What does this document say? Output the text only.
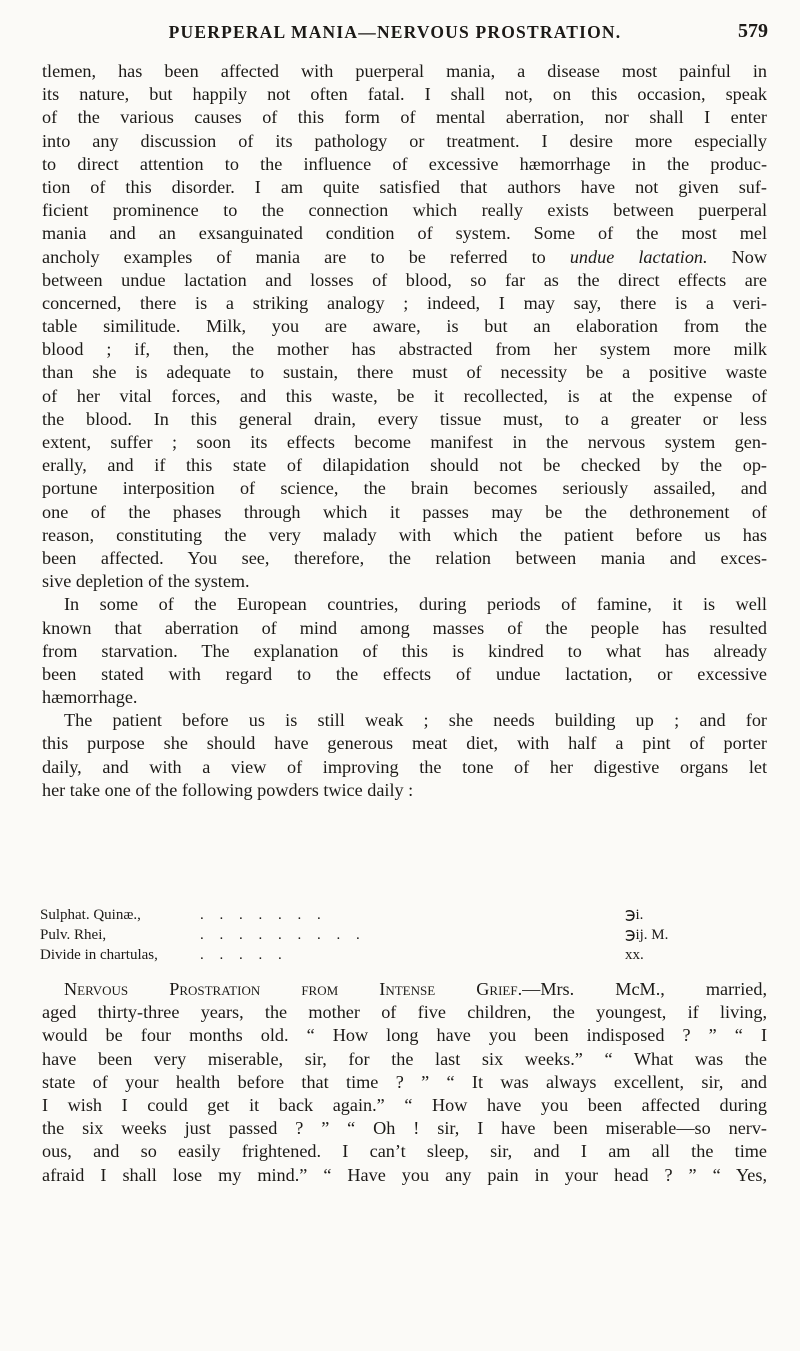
PUERPERAL MANIA—NERVOUS PROSTRATION.	579
tlemen, has been affected with puerperal mania, a disease most painful in
its nature, but happily not often fatal. I shall not, on this occasion, speak
of the various causes of this form of mental aberration, nor shall I enter
into any discussion of its pathology or treatment. I desire more especially
to direct attention to the influence of excessive hæmorrhage in the produc-
tion of this disorder. I am quite satisfied that authors have not given suf-
ficient prominence to the connection which really exists between puerperal
mania and an exsanguinated condition of system. Some of the most mel
ancholy examples of mania are to be referred to undue lactation. Now
between undue lactation and losses of blood, so far as the direct effects are
concerned, there is a striking analogy ; indeed, I may say, there is a veri-
table similitude. Milk, you are aware, is but an elaboration from the
blood ; if, then, the mother has abstracted from her system more milk
than she is adequate to sustain, there must of necessity be a positive waste
of her vital forces, and this waste, be it recollected, is at the expense of
the blood. In this general drain, every tissue must, to a greater or less
extent, suffer ; soon its effects become manifest in the nervous system gen-
erally, and if this state of dilapidation should not be checked by the op-
portune interposition of science, the brain becomes seriously assailed, and
one of the phases through which it passes may be the dethronement of
reason, constituting the very malady with which the patient before us has
been affected. You see, therefore, the relation between mania and exces-
sive depletion of the system.
In some of the European countries, during periods of famine, it is well
known that aberration of mind among masses of the people has resulted
from starvation. The explanation of this is kindred to what has already
been stated with regard to the effects of undue lactation, or excessive
hæmorrhage.
The patient before us is still weak ; she needs building up ; and for
this purpose she should have generous meat diet, with half a pint of porter
daily, and with a view of improving the tone of her digestive organs let
her take one of the following powders twice daily :
Sulphat. Quinæ.,	. . . . . . .	℈i.
Pulv. Rhei,	. . . . . . . . .	℈ij. M.
Divide in chartulas,	. . . . .	xx.
Nervous Prostration from Intense Grief.—Mrs. McM., married,
aged thirty-three years, the mother of five children, the youngest, if living,
would be four months old. “ How long have you been indisposed ? ” “ I
have been very miserable, sir, for the last six weeks.” “ What was the
state of your health before that time ? ” “ It was always excellent, sir, and
I wish I could get it back again.” “ How have you been affected during
the six weeks just passed ? ” “ Oh ! sir, I have been miserable—so nerv-
ous, and so easily frightened. I can’t sleep, sir, and I am all the time
afraid I shall lose my mind.” “ Have you any pain in your head ? ” “ Yes,
